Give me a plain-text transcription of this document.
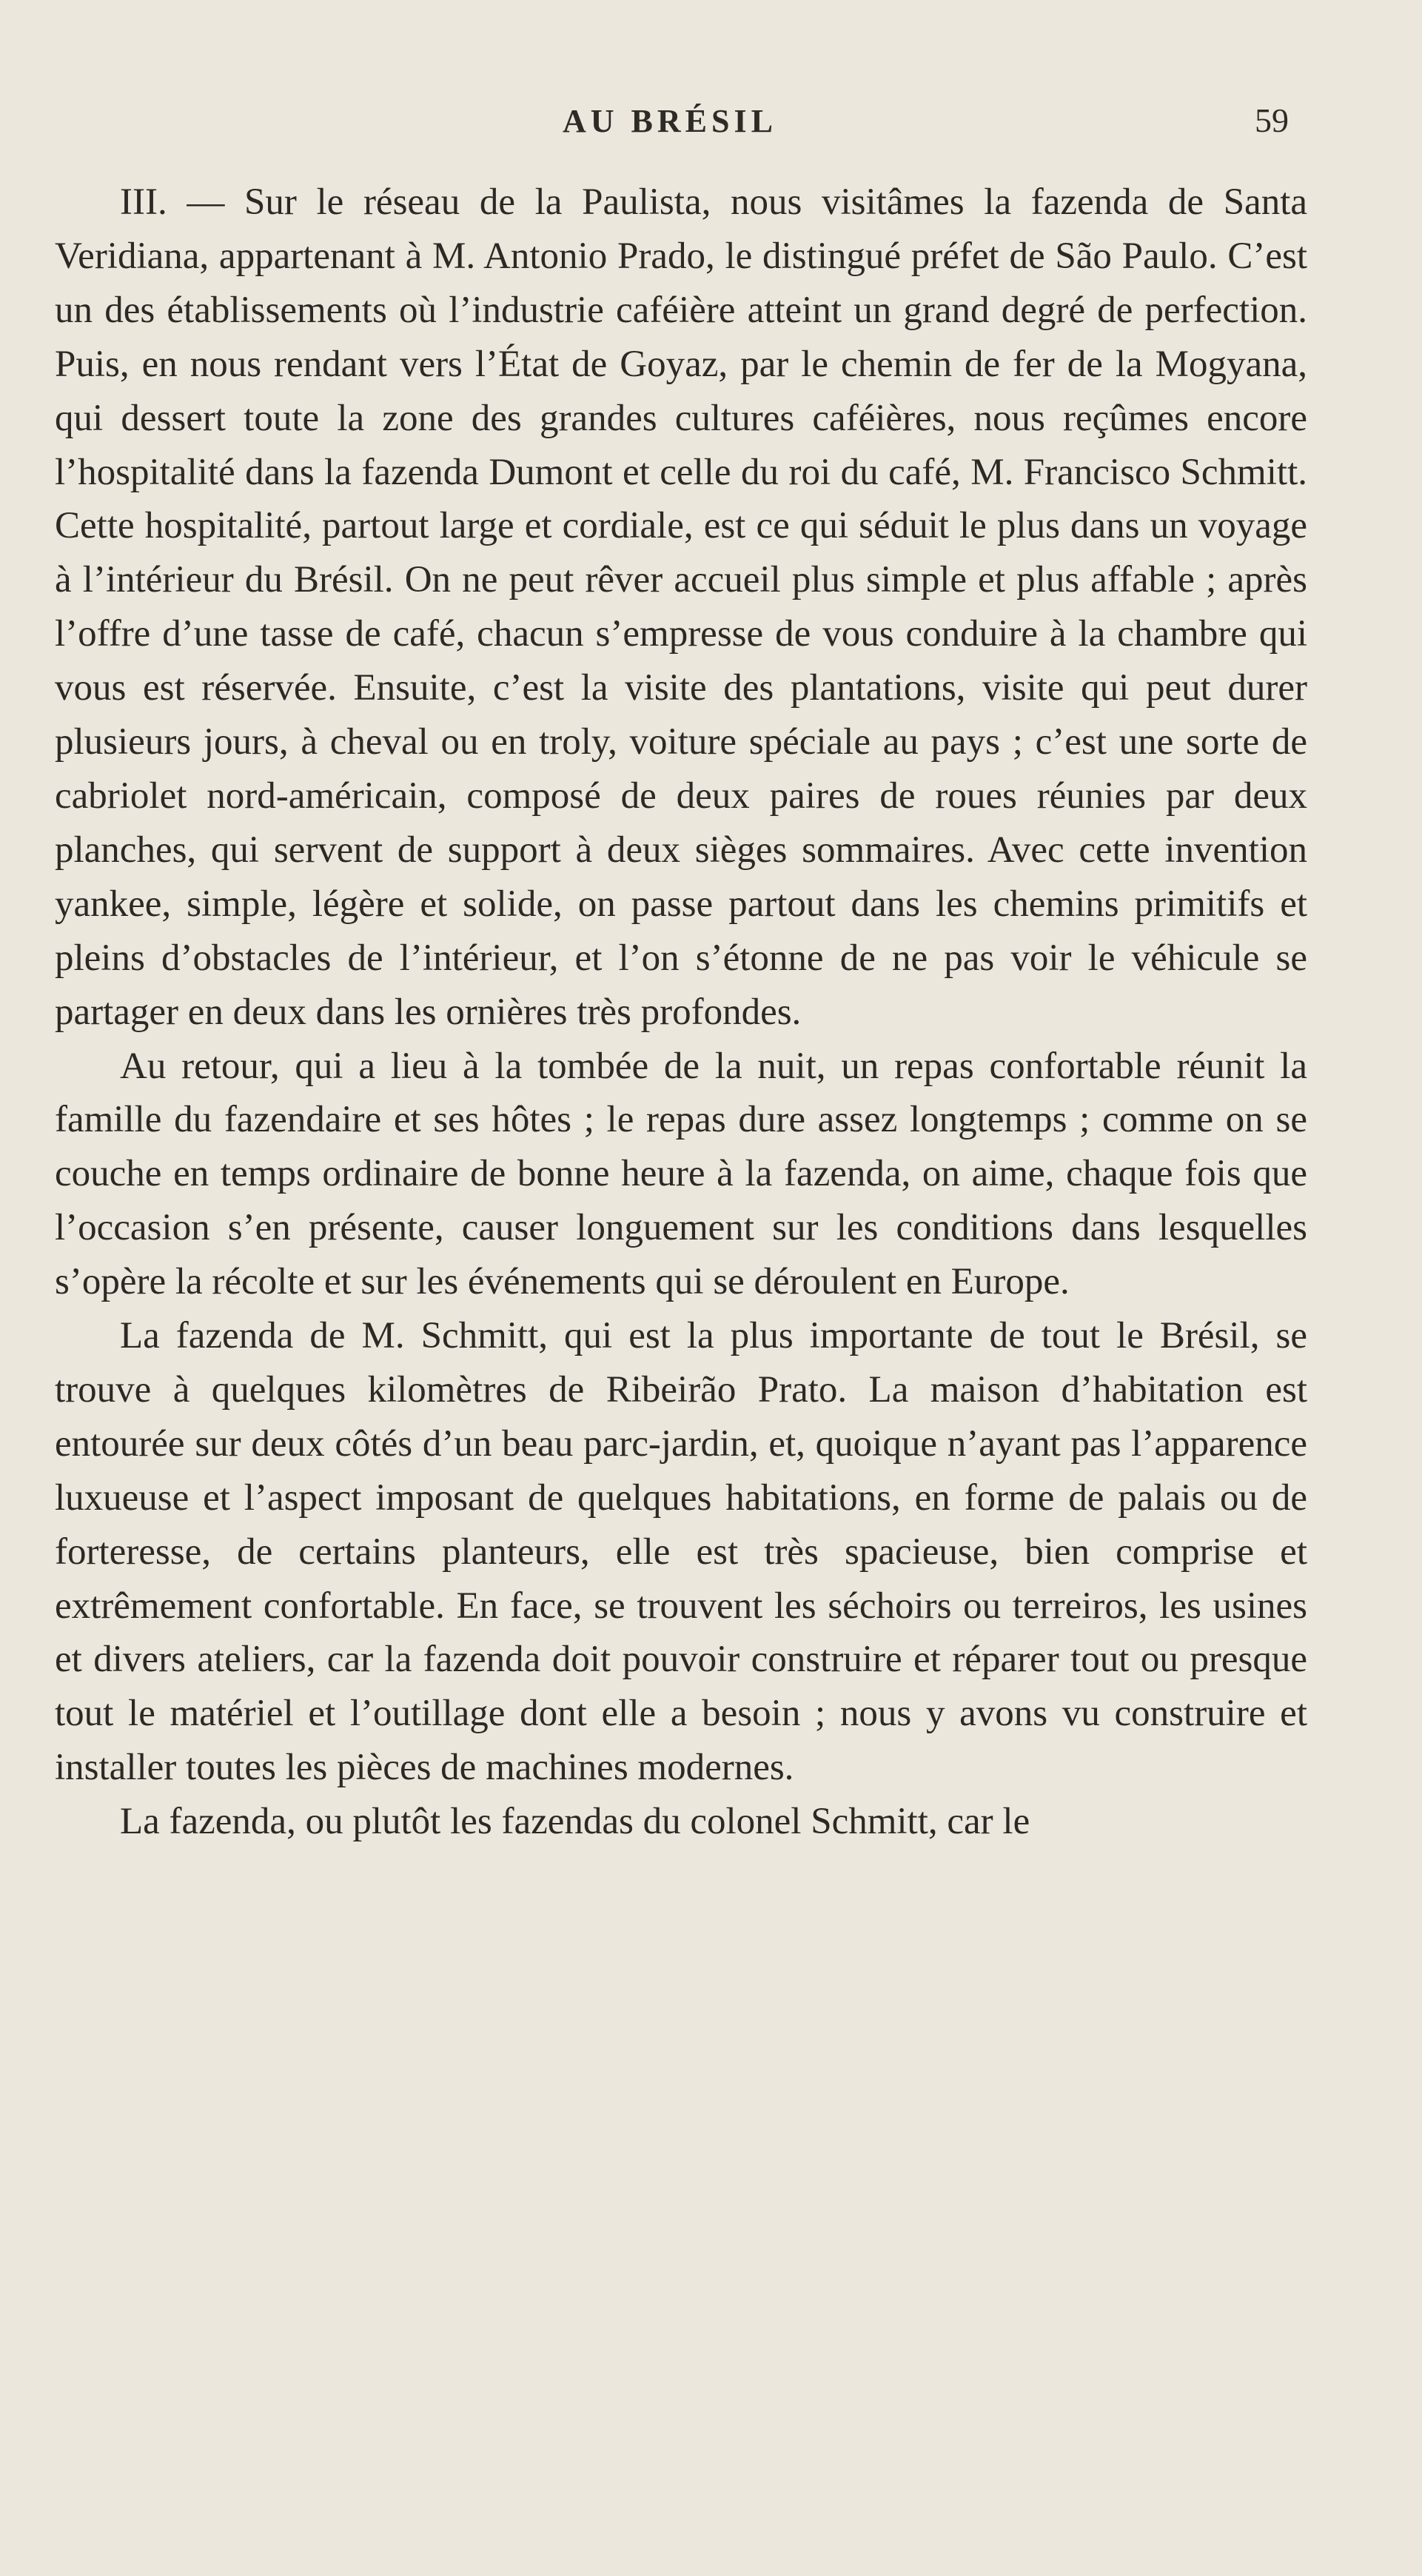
AU BRÉSIL	59

III. — Sur le réseau de la Paulista, nous visitâmes la fazenda de Santa Veridiana, appartenant à M. Antonio Prado, le distingué préfet de São Paulo. C’est un des établissements où l’industrie caféière atteint un grand degré de perfection. Puis, en nous rendant vers l’État de Goyaz, par le chemin de fer de la Mogyana, qui dessert toute la zone des grandes cultures caféières, nous reçûmes encore l’hospitalité dans la fazenda Dumont et celle du roi du café, M. Francisco Schmitt. Cette hospitalité, partout large et cordiale, est ce qui séduit le plus dans un voyage à l’intérieur du Brésil. On ne peut rêver accueil plus simple et plus affable ; après l’offre d’une tasse de café, chacun s’empresse de vous conduire à la chambre qui vous est réservée. Ensuite, c’est la visite des plantations, visite qui peut durer plusieurs jours, à cheval ou en troly, voiture spéciale au pays ; c’est une sorte de cabriolet nord-américain, composé de deux paires de roues réunies par deux planches, qui servent de support à deux sièges sommaires. Avec cette invention yankee, simple, légère et solide, on passe partout dans les chemins primitifs et pleins d’obstacles de l’intérieur, et l’on s’étonne de ne pas voir le véhicule se partager en deux dans les ornières très profondes.

Au retour, qui a lieu à la tombée de la nuit, un repas confortable réunit la famille du fazendaire et ses hôtes ; le repas dure assez longtemps ; comme on se couche en temps ordinaire de bonne heure à la fazenda, on aime, chaque fois que l’occasion s’en présente, causer longuement sur les conditions dans lesquelles s’opère la récolte et sur les événements qui se déroulent en Europe.

La fazenda de M. Schmitt, qui est la plus importante de tout le Brésil, se trouve à quelques kilomètres de Ribeirão Prato. La maison d’habitation est entourée sur deux côtés d’un beau parc-jardin, et, quoique n’ayant pas l’apparence luxueuse et l’aspect imposant de quelques habitations, en forme de palais ou de forteresse, de certains planteurs, elle est très spacieuse, bien comprise et extrêmement confortable. En face, se trouvent les séchoirs ou terreiros, les usines et divers ateliers, car la fazenda doit pouvoir construire et réparer tout ou presque tout le matériel et l’outillage dont elle a besoin ; nous y avons vu construire et installer toutes les pièces de machines modernes.

La fazenda, ou plutôt les fazendas du colonel Schmitt, car le
